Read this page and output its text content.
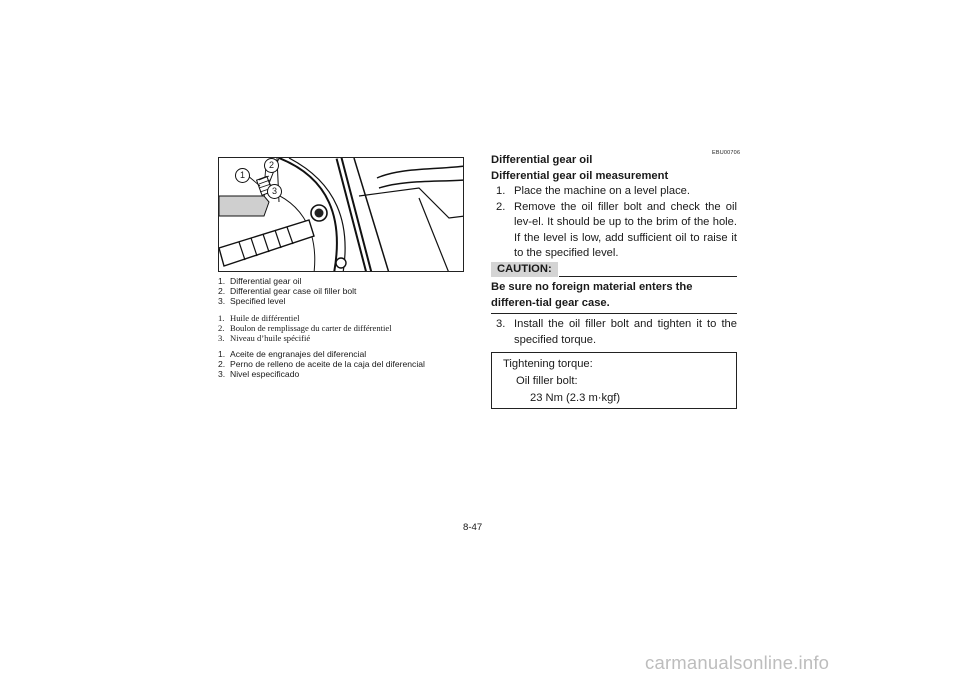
1
2
3
1. Differential gear oil
2. Differential gear case oil filler bolt
3. Specified level
1. Huile de différentiel
2. Boulon de remplissage du carter de différentiel
3. Niveau d’huile spécifié
1. Aceite de engranajes del diferencial
2. Perno de relleno de aceite de la caja del diferencial
3. Nivel especificado
EBU00706
Differential gear oil
Differential gear oil measurement
1. Place the machine on a level place.
2. Remove the oil filler bolt and check the oil lev-el. It should be up to the brim of the hole. If the level is low, add sufficient oil to raise it to the specified level.
CAUTION:
Be sure no foreign material enters the differen-tial gear case.
3. Install the oil filler bolt and tighten it to the specified torque.
Tightening torque:
Oil filler bolt:
23 Nm (2.3 m·kgf)
8-47
carmanualsonline.info
